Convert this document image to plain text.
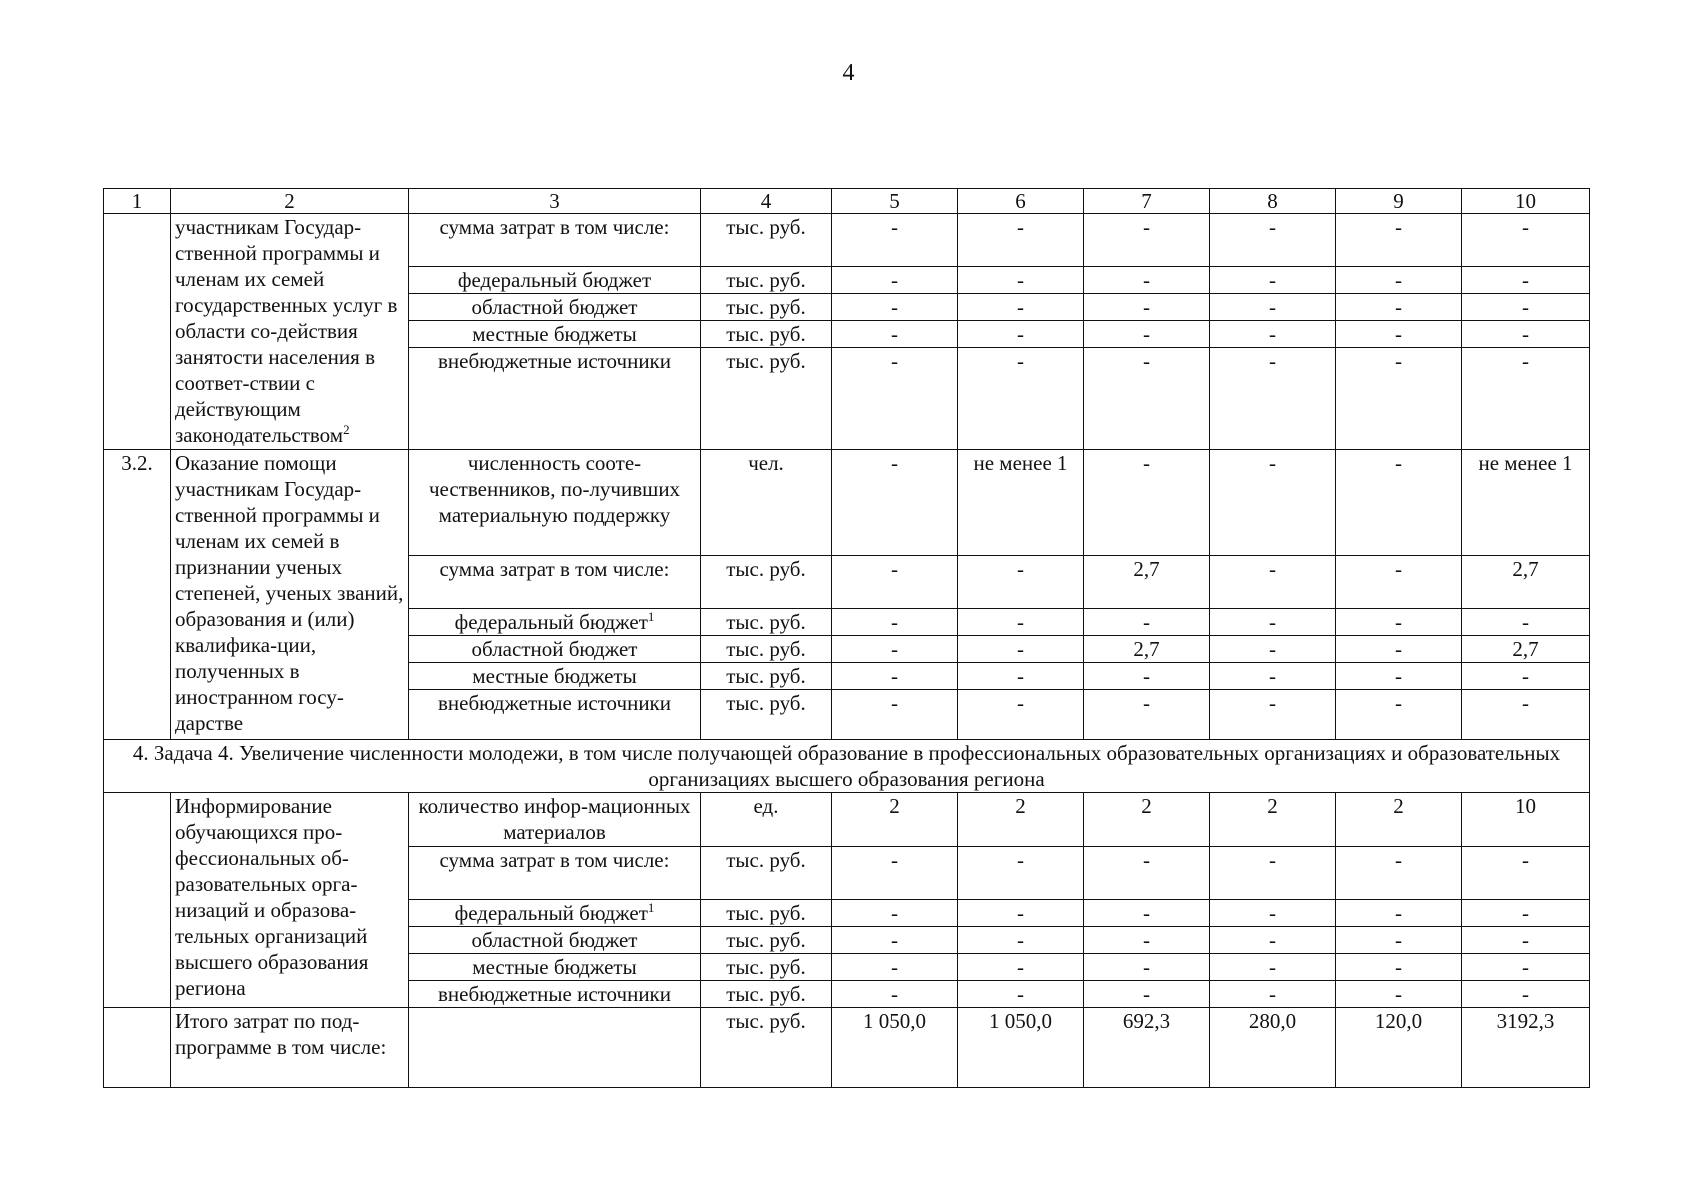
4
1	2	3	4	5	6	7	8	9	10
	участникам Государ-ственной программы и членам их семей государственных услуг в области со-действия занятости населения в соответ-ствии с действующим законодательством$^2$	сумма затрат в том числе:	тыс. руб.	-	-	-	-	-	-
		федеральный бюджет	тыс. руб.	-	-	-	-	-	-
		областной бюджет	тыс. руб.	-	-	-	-	-	-
		местные бюджеты	тыс. руб.	-	-	-	-	-	-
		внебюджетные источники	тыс. руб.	-	-	-	-	-	-
3.2.	Оказание помощи участникам Государ-ственной программы и членам их семей в признании ученых степеней, ученых званий, образования и (или) квалифика-ции, полученных в иностранном госу-дарстве	численность сооте-чественников, по-лучивших материальную поддержку	чел.	-	не менее 1	-	-	-	не менее 1
		сумма затрат в том числе:	тыс. руб.	-	-	2,7	-	-	2,7
		федеральный бюджет$^1$	тыс. руб.	-	-	-	-	-	-
		областной бюджет	тыс. руб.	-	-	2,7	-	-	2,7
		местные бюджеты	тыс. руб.	-	-	-	-	-	-
		внебюджетные источники	тыс. руб.	-	-	-	-	-	-
4. Задача 4. Увеличение численности молодежи, в том числе получающей образование в профессиональных образовательных организациях и образовательных организациях высшего образования региона									
	Информирование обучающихся про-фессиональных об-разовательных орга-низаций и образова-тельных организаций высшего образования региона	количество инфор-мационных материалов	ед.	2	2	2	2	2	10
		сумма затрат в том числе:	тыс. руб.	-	-	-	-	-	-
		федеральный бюджет$^1$	тыс. руб.	-	-	-	-	-	-
		областной бюджет	тыс. руб.	-	-	-	-	-	-
		местные бюджеты	тыс. руб.	-	-	-	-	-	-
		внебюджетные источники	тыс. руб.	-	-	-	-	-	-
	Итого затрат по под-программе в том числе:		тыс. руб.	1 050,0	1 050,0	692,3	280,0	120,0	3192,3
